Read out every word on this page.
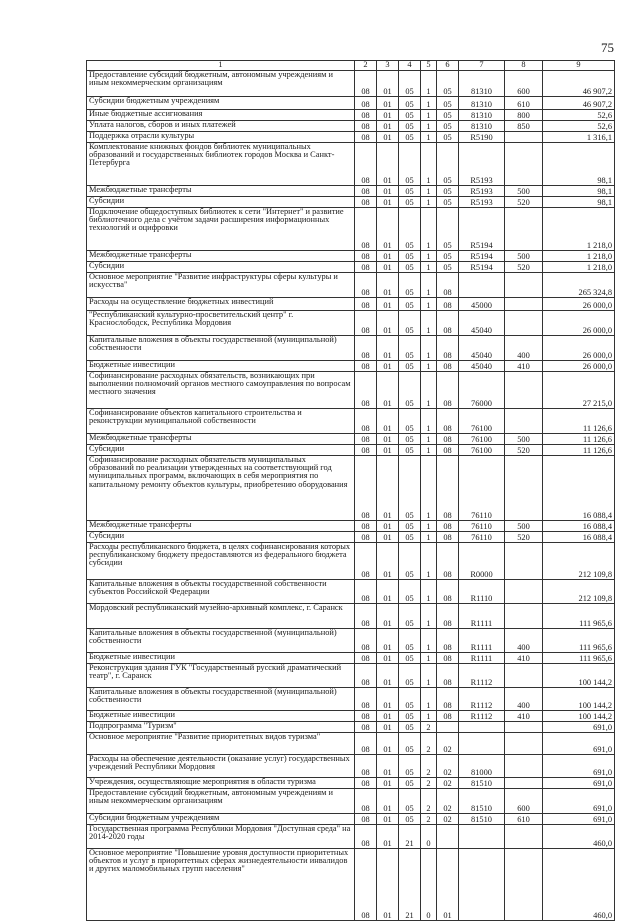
75
1	2	3	4	5	6	7	8	9
Предоставление субсидий бюджетным, автономным учреждениям и иным некоммерческим организациям	08	01	05	1	05	81310	600	46 907,2
Субсидии бюджетным учреждениям	08	01	05	1	05	81310	610	46 907,2
Иные бюджетные ассигнования	08	01	05	1	05	81310	800	52,6
Уплата налогов, сборов и иных платежей	08	01	05	1	05	81310	850	52,6
Поддержка отрасли культуры	08	01	05	1	05	R5190		1 316,1
Комплектование книжных фондов библиотек муниципальных образований и государственных библиотек городов Москва и Санкт-Петербурга	08	01	05	1	05	R5193		98,1
Межбюджетные трансферты	08	01	05	1	05	R5193	500	98,1
Субсидии	08	01	05	1	05	R5193	520	98,1
Подключение общедоступных библиотек к сети "Интернет" и развитие библиотечного дела с учётом задачи расширения информационных технологий и оцифровки	08	01	05	1	05	R5194		1 218,0
Межбюджетные трансферты	08	01	05	1	05	R5194	500	1 218,0
Субсидии	08	01	05	1	05	R5194	520	1 218,0
Основное мероприятие "Развитие инфраструктуры сферы культуры и искусства"	08	01	05	1	08			265 324,8
Расходы на осуществление бюджетных инвестиций	08	01	05	1	08	45000		26 000,0
"Республиканский культурно-просветительский центр" г. Краснослободск, Республика Мордовия	08	01	05	1	08	45040		26 000,0
Капитальные вложения в объекты государственной (муниципальной) собственности	08	01	05	1	08	45040	400	26 000,0
Бюджетные инвестиции	08	01	05	1	08	45040	410	26 000,0
Софинансирование расходных обязательств, возникающих при выполнении полномочий органов местного самоуправления по вопросам местного значения	08	01	05	1	08	76000		27 215,0
Софинансирование объектов капитального строительства и реконструкции муниципальной собственности	08	01	05	1	08	76100		11 126,6
Межбюджетные трансферты	08	01	05	1	08	76100	500	11 126,6
Субсидии	08	01	05	1	08	76100	520	11 126,6
Софинансирование расходных обязательств муниципальных образований по реализации утвержденных на соответствующий год муниципальных программ, включающих в себя мероприятия по капитальному ремонту объектов культуры, приобретению оборудования	08	01	05	1	08	76110		16 088,4
Межбюджетные трансферты	08	01	05	1	08	76110	500	16 088,4
Субсидии	08	01	05	1	08	76110	520	16 088,4
Расходы республиканского бюджета, в целях софинансирования которых республиканскому бюджету предоставляются из федерального бюджета субсидии	08	01	05	1	08	R0000		212 109,8
Капитальные вложения в объекты государственной собственности субъектов Российской Федерации	08	01	05	1	08	R1110		212 109,8
Мордовский республиканский музейно-архивный комплекс, г. Саранск	08	01	05	1	08	R1111		111 965,6
Капитальные вложения в объекты государственной (муниципальной) собственности	08	01	05	1	08	R1111	400	111 965,6
Бюджетные инвестиции	08	01	05	1	08	R1111	410	111 965,6
Реконструкция здания ГУК "Государственный русский драматический театр", г. Саранск	08	01	05	1	08	R1112		100 144,2
Капитальные вложения в объекты государственной (муниципальной) собственности	08	01	05	1	08	R1112	400	100 144,2
Бюджетные инвестиции	08	01	05	1	08	R1112	410	100 144,2
Подпрограмма "Туризм"	08	01	05	2				691,0
Основное мероприятие "Развитие приоритетных видов туризма"	08	01	05	2	02			691,0
Расходы на обеспечение деятельности (оказание услуг) государственных учреждений Республики Мордовия	08	01	05	2	02	81000		691,0
Учреждения, осуществляющие мероприятия в области туризма	08	01	05	2	02	81510		691,0
Предоставление субсидий бюджетным, автономным учреждениям и иным некоммерческим организациям	08	01	05	2	02	81510	600	691,0
Субсидии бюджетным учреждениям	08	01	05	2	02	81510	610	691,0
Государственная программа Республики Мордовия "Доступная среда" на 2014-2020 годы	08	01	21	0				460,0
Основное мероприятие "Повышение уровня доступности приоритетных объектов и услуг в приоритетных сферах жизнедеятельности инвалидов и других маломобильных групп населения"	08	01	21	0	01			460,0
